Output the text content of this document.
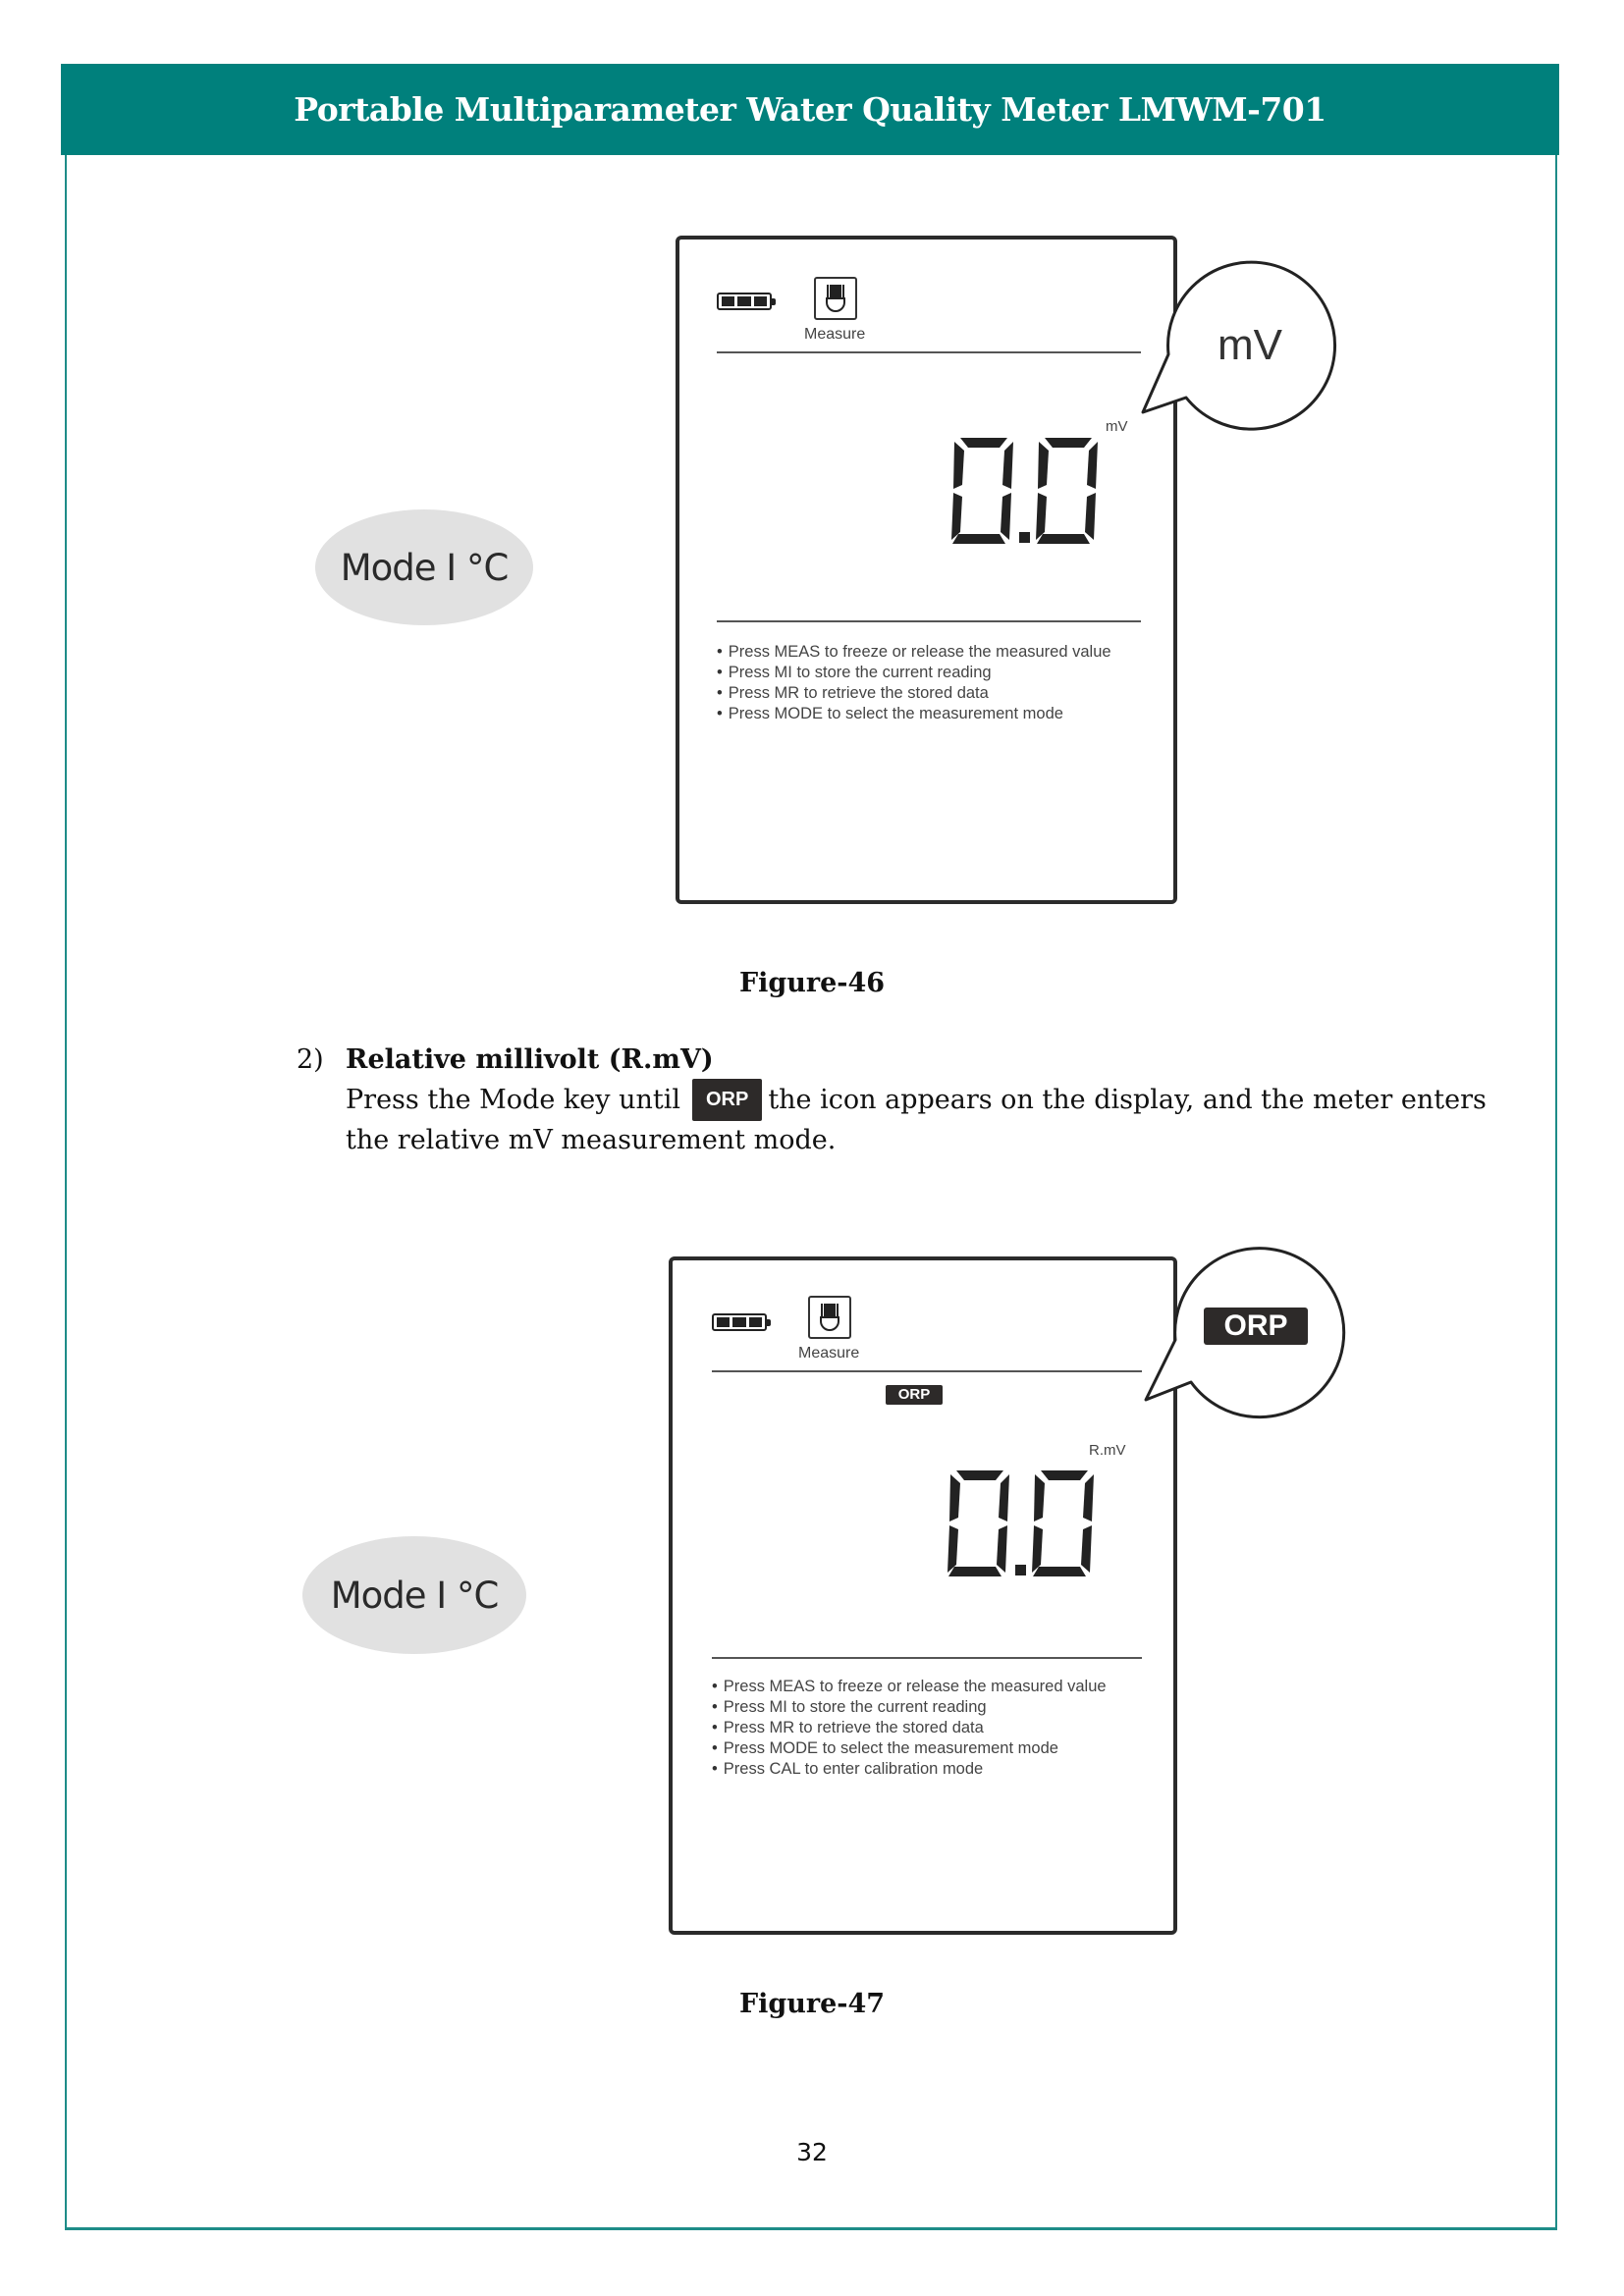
Portable Multiparameter Water Quality Meter LMWM-701
Mode I °C
Measure
mV
• Press MEAS to freeze or release the measured value
• Press MI to store the current reading
• Press MR to retrieve the stored data
• Press MODE to select the measurement mode
mV
Figure-46
2) Relative millivolt (R.mV)
Press the Mode key until ORP the icon appears on the display, and the meter enters the relative mV measurement mode.
Mode I °C
Measure
ORP
R.mV
• Press MEAS to freeze or release the measured value
• Press MI to store the current reading
• Press MR to retrieve the stored data
• Press MODE to select the measurement mode
• Press CAL to enter calibration mode
ORP
Figure-47
32
